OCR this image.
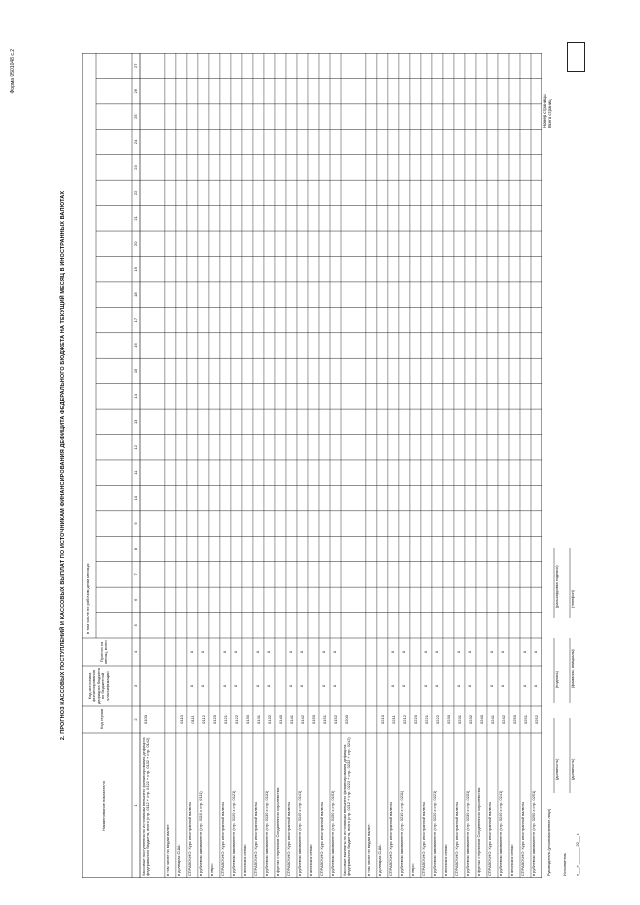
Форма 0501048 с.2
2. ПРОГНОЗ КАССОВЫХ ПОСТУПЛЕНИЙ И КАССОВЫХ ВЫПЛАТ ПО ИСТОЧНИКАМ ФИНАНСИРОВАНИЯ ДЕФИЦИТА ФЕДЕРАЛЬНОГО БЮДЖЕТА НА ТЕКУЩИЙ МЕСЯЦ В ИНОСТРАННЫХ ВАЛЮТАХ
Наименование показателя
Код строки
Код источника финансирования дефицита бюджета по бюджетной классификации
Прогноз на месяц, всего
в том числе по рабочим дням месяца:
1
2
3
4
5
6
7
8
9
10
11
12
13
14
15
16
17
18
19
20
21
22
23
24
25
26
27
Кассовые поступления по источникам внешнего финансирования дефицита федерального бюджета, всего (стр. 0112 + стр. 0122 + стр. 0132 + стр. 0142)
0100
в том числе по видам валют: в долларах США:
0110
СПРАВОЧНО: Курс иностранной валюты
0111
x
x
в рублевом эквиваленте (стр. 0110 х стр. 0111)
0112
x
x
в евро:
0120
СПРАВОЧНО: Курс иностранной валюты
0121
x
x
в рублевом эквиваленте (стр. 0120 х стр. 0121)
0122
x
x
в японских иенах:
0130
СПРАВОЧНО: Курс иностранной валюты
0131
x
x
в рублевом эквиваленте (стр. 0130 х стр. 0131)
0132
x
x
в фунтах стерлингов Соединенного королевства:
0140
СПРАВОЧНО: Курс иностранной валюты
0141
x
x
в рублевом эквиваленте (стр. 0140 х стр. 0141)
0142
x
x
в японских иенах:
0150
СПРАВОЧНО: Курс иностранной валюты
0151
x
x
в рублевом эквиваленте (стр. 0150 х стр. 0151)
0152
x
x
Кассовые выплаты по источникам внешнего финансирования дефицита федерального бюджета, всего (стр. 0212 + стр. 0222 + стр. 0232 + стр. 0242)
0200
в том числе по видам валют: в долларах США:
0210
СПРАВОЧНО: Курс иностранной валюты
0211
x
x
в рублевом эквиваленте (стр. 0210 х стр. 0211)
0212
x
x
в евро:
0220
СПРАВОЧНО: Курс иностранной валюты
0221
x
x
в рублевом эквиваленте (стр. 0220 х стр. 0221)
0222
x
x
в японских иенах:
0230
СПРАВОЧНО: Курс иностранной валюты
0231
x
x
в рублевом эквиваленте (стр. 0230 х стр. 0231)
0232
x
x
в фунтах стерлингов Соединенного королевства:
0240
СПРАВОЧНО: Курс иностранной валюты
0241
x
x
в рублевом эквиваленте (стр. 0240 х стр. 0241)
0242
x
x
в японских иенах:
0250
СПРАВОЧНО: Курс иностранной валюты
0251
x
x
в рублевом эквиваленте (стр. 0250 х стр. 0251)
0252
x
x
Руководитель (уполномоченное лицо)
(должность)
(подпись)
(расшифровка подписи)
Исполнитель
(должность)
(фамилия, инициалы)
(телефон)
«___» ________ 20___ г.
Номер страницы Всего страниц
